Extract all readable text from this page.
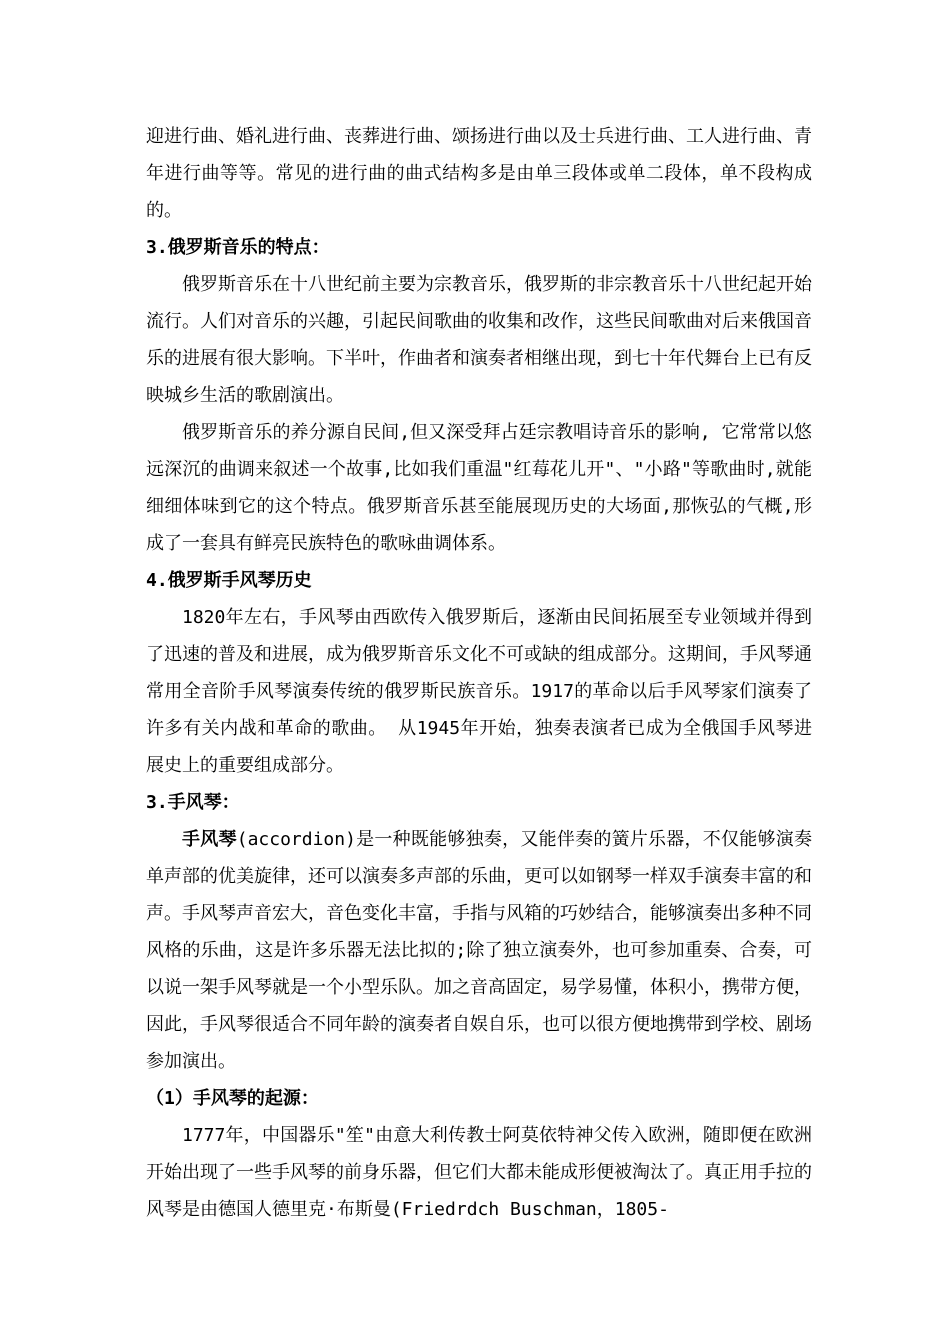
迎进行曲、婚礼进行曲、丧葬进行曲、颂扬进行曲以及士兵进行曲、工人进行曲、青年进行曲等等。常见的进行曲的曲式结构多是由单三段体或单二段体，单不段构成的。

3.俄罗斯音乐的特点：

俄罗斯音乐在十八世纪前主要为宗教音乐，俄罗斯的非宗教音乐十八世纪起开始流行。人们对音乐的兴趣，引起民间歌曲的收集和改作，这些民间歌曲对后来俄国音乐的进展有很大影响。下半叶，作曲者和演奏者相继出现，到七十年代舞台上已有反映城乡生活的歌剧演出。

俄罗斯音乐的养分源自民间,但又深受拜占廷宗教唱诗音乐的影响, 它常常以悠远深沉的曲调来叙述一个故事,比如我们重温"红莓花儿开"、"小路"等歌曲时,就能细细体味到它的这个特点。俄罗斯音乐甚至能展现历史的大场面,那恢弘的气概,形成了一套具有鲜亮民族特色的歌咏曲调体系。

4.俄罗斯手风琴历史

1820年左右，手风琴由西欧传入俄罗斯后，逐渐由民间拓展至专业领域并得到了迅速的普及和进展，成为俄罗斯音乐文化不可或缺的组成部分。这期间，手风琴通常用全音阶手风琴演奏传统的俄罗斯民族音乐。1917的革命以后手风琴家们演奏了许多有关内战和革命的歌曲。 从1945年开始，独奏表演者已成为全俄国手风琴进展史上的重要组成部分。

3.手风琴：

手风琴(accordion)是一种既能够独奏，又能伴奏的簧片乐器，不仅能够演奏单声部的优美旋律，还可以演奏多声部的乐曲，更可以如钢琴一样双手演奏丰富的和声。手风琴声音宏大，音色变化丰富，手指与风箱的巧妙结合，能够演奏出多种不同风格的乐曲，这是许多乐器无法比拟的;除了独立演奏外，也可参加重奏、合奏，可以说一架手风琴就是一个小型乐队。加之音高固定，易学易懂，体积小，携带方便，因此，手风琴很适合不同年龄的演奏者自娱自乐，也可以很方便地携带到学校、剧场参加演出。

（1）手风琴的起源：

1777年，中国器乐"笙"由意大利传教士阿莫依特神父传入欧洲，随即便在欧洲开始出现了一些手风琴的前身乐器，但它们大都未能成形便被淘汰了。真正用手拉的风琴是由德国人德里克·布斯曼(Friedrdch Buschman，1805-
